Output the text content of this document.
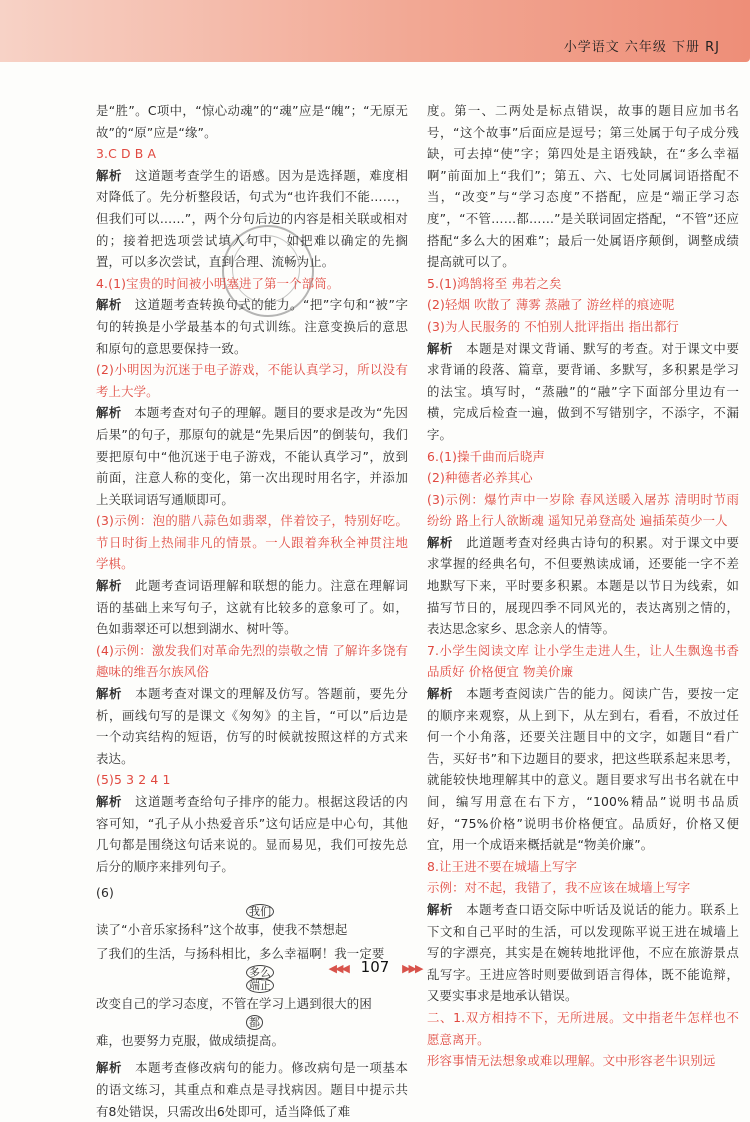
小学语文 六年级 下册 RJ

是“胜”。C项中，“惊心动魂”的“魂”应是“魄”；“无原无故”的“原”应是“缘”。

3.C D B A

解析　这道题考查学生的语感。因为是选择题，难度相对降低了。先分析整段话，句式为“也许我们不能……，但我们可以……”，两个分句后边的内容是相关联或相对的；接着把选项尝试填入句中，如把难以确定的先搁置，可以多次尝试，直到合理、流畅为止。

4.(1)宝贵的时间被小明塞进了第一个部筒。

解析　这道题考查转换句式的能力。“把”字句和“被”字句的转换是小学最基本的句式训练。注意变换后的意思和原句的意思要保持一致。

(2)小明因为沉迷于电子游戏，不能认真学习，所以没有考上大学。

解析　本题考查对句子的理解。题目的要求是改为“先因后果”的句子，那原句的就是“先果后因”的倒装句，我们要把原句中“他沉迷于电子游戏，不能认真学习”，放到前面，注意人称的变化，第一次出现时用名字，并添加上关联词语写通顺即可。

(3)示例：泡的腊八蒜色如翡翠，伴着饺子，特别好吃。节日时街上热闹非凡的情景。一人跟着奔秋全神贯注地学棋。

解析　此题考查词语理解和联想的能力。注意在理解词语的基础上来写句子，这就有比较多的意象可了。如，色如翡翠还可以想到湖水、树叶等。

(4)示例：激发我们对革命先烈的崇敬之情 了解许多饶有趣味的维吾尔族风俗

解析　本题考查对课文的理解及仿写。答题前，要先分析，画线句写的是课文《匆匆》的主旨，“可以”后边是一个动宾结构的短语，仿写的时候就按照这样的方式来表达。

(5)5 3 2 4 1

解析　这道题考查给句子排序的能力。根据这段话的内容可知，“孔子从小热爱音乐”这句话应是中心句，其他几句都是围绕这句话来说的。显而易见，我们可按先总后分的顺序来排列句子。

(6)
我们
读了“小音乐家扬科”这个故事，使我不禁想起
了我们的生活，与扬科相比，多么幸福啊！我一定要
多么
端正
改变自己的学习态度，不管在学习上遇到很大的困
都
难，也要努力克服，做成绩提高。

解析　本题考查修改病句的能力。修改病句是一项基本的语文练习，其重点和难点是寻找病因。题目中提示共有8处错误，只需改出6处即可，适当降低了难

度。第一、二两处是标点错误，故事的题目应加书名号，“这个故事”后面应是逗号；第三处属于句子成分残缺，可去掉“使”字；第四处是主语残缺，在“多么幸福啊”前面加上“我们”；第五、六、七处同属词语搭配不当，“改变”与“学习态度”不搭配，应是“端正学习态度”，“不管……都……”是关联词固定搭配，“不管”还应搭配“多么大的困难”；最后一处属语序颠倒，调整成绩提高就可以了。

5.(1)鸿鹄将至 弗若之矣

(2)轻烟 吹散了 薄雾 蒸融了 游丝样的痕迹呢

(3)为人民服务的 不怕别人批评指出 指出都行

解析　本题是对课文背诵、默写的考查。对于课文中要求背诵的段落、篇章，要背诵、多默写，多积累是学习的法宝。填写时，“蒸融”的“融”字下面部分里边有一横，完成后检查一遍，做到不写错别字，不添字，不漏字。

6.(1)操千曲而后晓声

(2)种德者必养其心

(3)示例：爆竹声中一岁除 春风送暖入屠苏 清明时节雨纷纷 路上行人欲断魂 遥知兄弟登高处 遍插茱萸少一人

解析　此道题考查对经典古诗句的积累。对于课文中要求掌握的经典名句，不但要熟读成诵，还要能一字不差地默写下来，平时要多积累。本题是以节日为线索，如描写节日的，展现四季不同风光的，表达离别之情的，表达思念家乡、思念亲人的情等。

7.小学生阅读文库 让小学生走进人生，让人生飘逸书香 品质好 价格便宜 物美价廉

解析　本题考查阅读广告的能力。阅读广告，要按一定的顺序来观察，从上到下，从左到右，看看，不放过任何一个小角落，还要关注题目中的文字，如题目“看广告，买好书”和下边题目的要求，把这些联系起来思考，就能较快地理解其中的意义。题目要求写出书名就在中间，编写用意在右下方，“100%精品”说明书品质好，“75%价格”说明书价格便宜。品质好，价格又便宜，用一个成语来概括就是“物美价廉”。

8.让王进不要在城墙上写字

示例：对不起，我错了，我不应该在城墙上写字

解析　本题考查口语交际中听话及说话的能力。联系上下文和自己平时的生活，可以发现陈平说王进在城墙上写的字漂亮，其实是在婉转地批评他，不应在旅游景点乱写字。王进应答时则要做到语言得体，既不能诡辩，又要实事求是地承认错误。

二、1.双方相持不下，无所进展。文中指老牛怎样也不愿意离开。

形容事情无法想象或难以理解。文中形容老牛识别远

◀◀◀ 107 ▶▶▶
